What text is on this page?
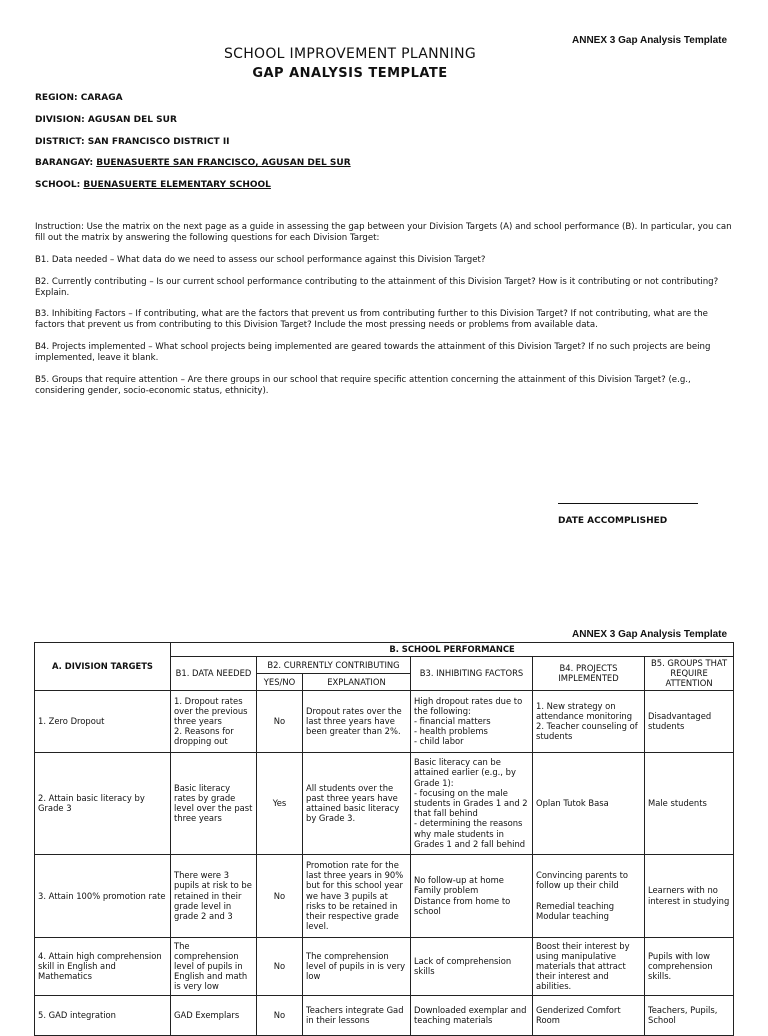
ANNEX 3 Gap Analysis Template
SCHOOL IMPROVEMENT PLANNING
GAP ANALYSIS TEMPLATE
REGION: CARAGA
DIVISION: AGUSAN DEL SUR
DISTRICT: SAN FRANCISCO DISTRICT II
BARANGAY: BUENASUERTE SAN FRANCISCO, AGUSAN DEL SUR
SCHOOL: BUENASUERTE ELEMENTARY SCHOOL
Instruction: Use the matrix on the next page as a guide in assessing the gap between your Division Targets (A) and school performance (B). In particular, you can fill out the matrix by answering the following questions for each Division Target:
B1. Data needed – What data do we need to assess our school performance against this Division Target?
B2. Currently contributing – Is our current school performance contributing to the attainment of this Division Target? How is it contributing or not contributing? Explain.
B3. Inhibiting Factors – If contributing, what are the factors that prevent us from contributing further to this Division Target? If not contributing, what are the factors that prevent us from contributing to this Division Target? Include the most pressing needs or problems from available data.
B4. Projects implemented – What school projects being implemented are geared towards the attainment of this Division Target? If no such projects are being implemented, leave it blank.
B5. Groups that require attention – Are there groups in our school that require specific attention concerning the attainment of this Division Target? (e.g., considering gender, socio-economic status, ethnicity).
DATE ACCOMPLISHED
ANNEX 3 Gap Analysis Template
A. DIVISION TARGETS	B. SCHOOL PERFORMANCE					
	B1. DATA NEEDED	B2. CURRENTLY CONTRIBUTING		B3. INHIBITING FACTORS	B4. PROJECTS IMPLEMENTED	B5. GROUPS THAT REQUIRE ATTENTION
		YES/NO	EXPLANATION			

1. Zero Dropout	1. Dropout rates over the previous three years
2. Reasons for dropping out	No	Dropout rates over the last three years have been greater than 2%.	High dropout rates due to the following:
- financial matters
- health problems
- child labor	1. New strategy on attendance monitoring
2. Teacher counseling of students	Disadvantaged students

2. Attain basic literacy by Grade 3	Basic literacy rates by grade level over the past three years	Yes	All students over the past three years have attained basic literacy by Grade 3.	Basic literacy can be attained earlier (e.g., by Grade 1):
- focusing on the male students in Grades 1 and 2 that fall behind
- determining the reasons why male students in Grades 1 and 2 fall behind	Oplan Tutok Basa	Male students

3. Attain 100% promotion rate	There were 3 pupils at risk to be retained in their grade level in grade 2 and 3	No	Promotion rate for the last three years in 90% but for this school year we have 3 pupils at risks to be retained in their respective grade level.	No follow-up at home
Family problem
Distance from home to school	Convincing parents to follow up their child

Remedial teaching
Modular teaching	Learners with no interest in studying

4. Attain high comprehension skill in English and Mathematics	The comprehension level of pupils in English and math is very low	No	The comprehension level of pupils in is very low	Lack of comprehension skills	Boost their interest by using manipulative materials that attract their interest and abilities.	Pupils with low comprehension skills.

5. GAD integration	GAD Exemplars	No	Teachers integrate Gad in their lessons	Downloaded exemplar and teaching materials	Genderized Comfort Room	Teachers, Pupils, School
